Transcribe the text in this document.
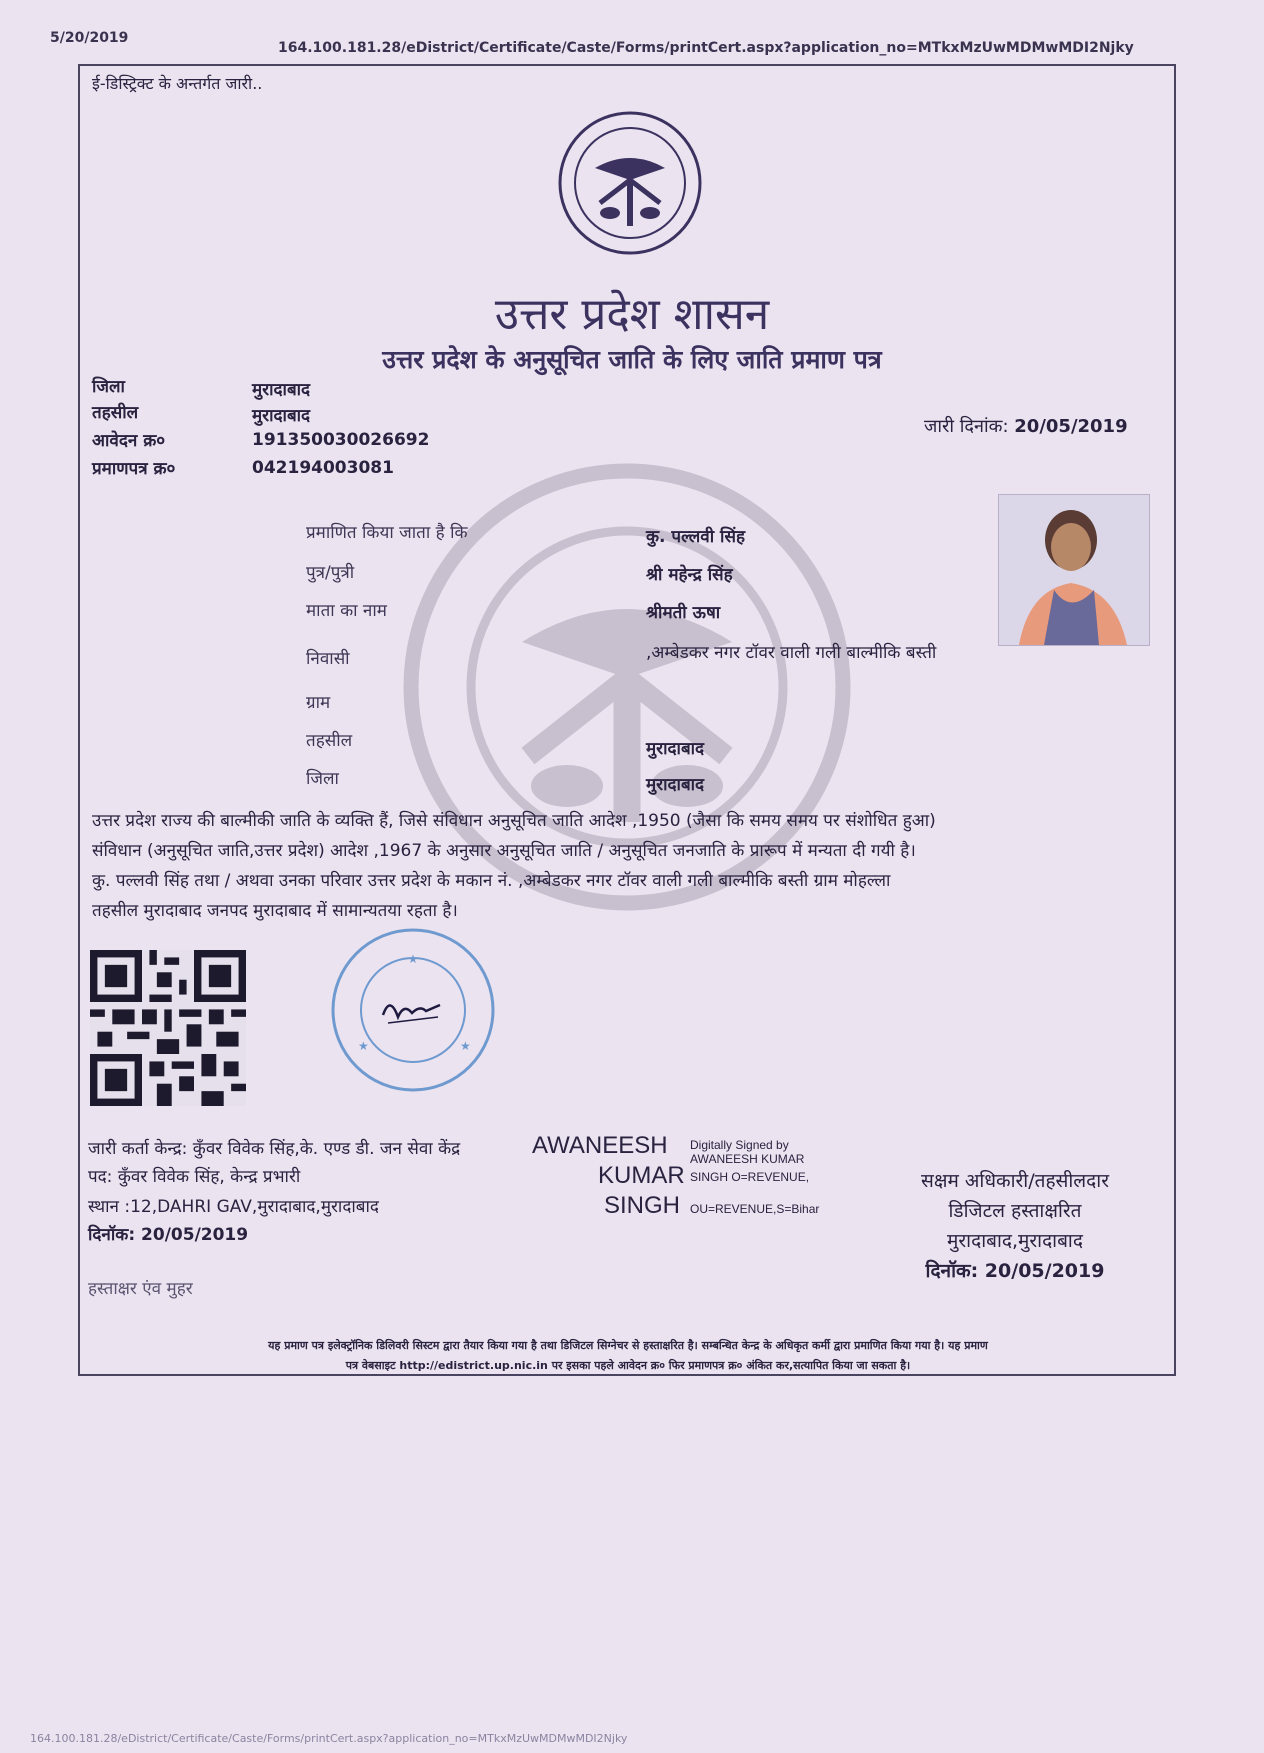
5/20/2019
164.100.181.28/eDistrict/Certificate/Caste/Forms/printCert.aspx?application_no=MTkxMzUwMDMwMDI2Njky
ई-डिस्ट्रिक्ट के अन्तर्गत जारी..
उत्तर प्रदेश शासन
उत्तर प्रदेश के अनुसूचित जाति के लिए जाति प्रमाण पत्र
जिला	मुरादाबाद
तहसील	मुरादाबाद
आवेदन क्र०	191350030026692
प्रमाणपत्र क्र०	042194003081
जारी दिनांक: 20/05/2019
प्रमाणित किया जाता है कि	कु. पल्लवी सिंह
पुत्र/पुत्री	श्री महेन्द्र सिंह
माता का नाम	श्रीमती ऊषा
निवासी	,अम्बेडकर नगर टॉवर वाली गली बाल्मीकि बस्ती
ग्राम
तहसील	मुरादाबाद
जिला	मुरादाबाद
उत्तर प्रदेश राज्य की बाल्मीकी जाति के व्यक्ति हैं, जिसे संविधान अनुसूचित जाति आदेश ,1950 (जैसा कि समय समय पर संशोधित हुआ)
संविधान (अनुसूचित जाति,उत्तर प्रदेश) आदेश ,1967 के अनुसार अनुसूचित जाति / अनुसूचित जनजाति के प्रारूप में मन्यता दी गयी है।
कु. पल्लवी सिंह तथा / अथवा उनका परिवार उत्तर प्रदेश के मकान नं. ,अम्बेडकर नगर टॉवर वाली गली बाल्मीकि बस्ती ग्राम मोहल्ला
तहसील मुरादाबाद जनपद मुरादाबाद में सामान्यतया रहता है।
★
★	★
जारी कर्ता केन्द्र: कुँवर विवेक सिंह,के. एण्ड डी. जन सेवा केंद्र
पद: कुँवर विवेक सिंह, केन्द्र प्रभारी
स्थान :12,DAHRI GAV,मुरादाबाद,मुरादाबाद
दिनॉक: 20/05/2019
AWANEESH
KUMAR
SINGH
Digitally Signed by
AWANEESH KUMAR
SINGH O=REVENUE,
OU=REVENUE,S=Bihar
सक्षम अधिकारी/तहसीलदार
डिजिटल हस्ताक्षरित
मुरादाबाद,मुरादाबाद
दिनॉक: 20/05/2019
हस्ताक्षर एंव मुहर
यह प्रमाण पत्र इलेक्ट्रॉनिक डिलिवरी सिस्टम द्वारा तैयार किया गया है तथा डिजिटल सिग्नेचर से हस्ताक्षरित है। सम्बन्धित केन्द्र के अधिकृत कर्मी द्वारा प्रमाणित किया गया है। यह प्रमाण
पत्र वेबसाइट http://edistrict.up.nic.in पर इसका पहले आवेदन क्र० फिर प्रमाणपत्र क्र० अंकित कर,सत्यापित किया जा सकता है।
164.100.181.28/eDistrict/Certificate/Caste/Forms/printCert.aspx?application_no=MTkxMzUwMDMwMDI2Njky
